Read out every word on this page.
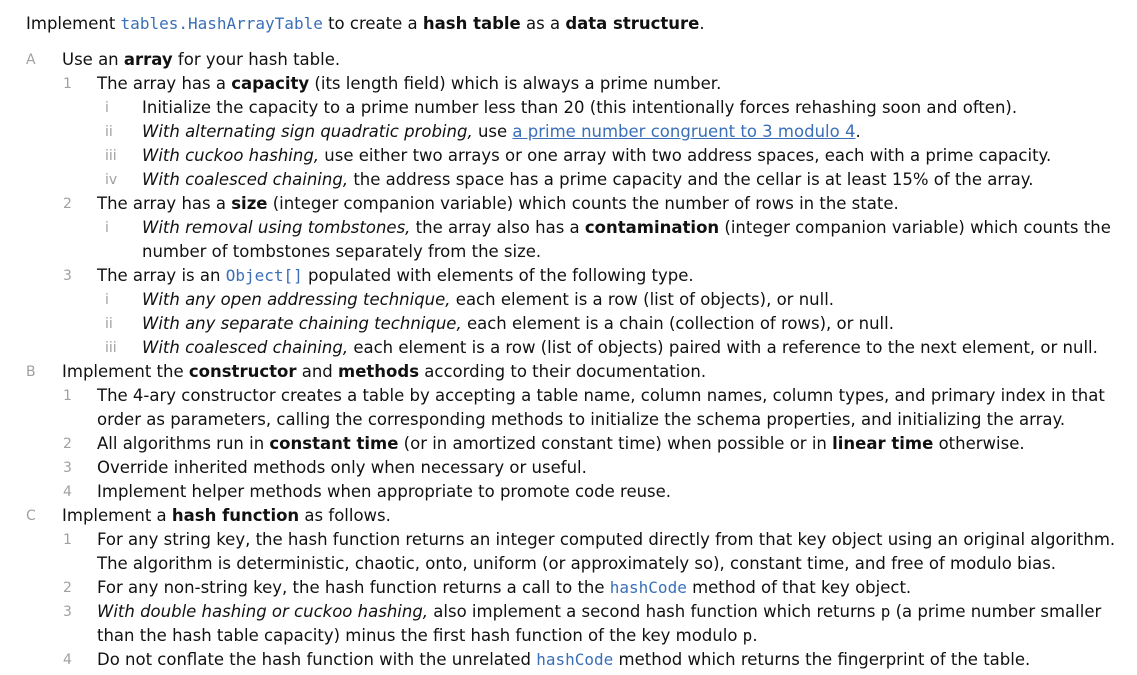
Implement tables.HashArrayTable to create a hash table as a data structure.
A Use an array for your hash table.
1 The array has a capacity (its length field) which is always a prime number.
i Initialize the capacity to a prime number less than 20 (this intentionally forces rehashing soon and often).
ii With alternating sign quadratic probing, use a prime number congruent to 3 modulo 4.
iii With cuckoo hashing, use either two arrays or one array with two address spaces, each with a prime capacity.
iv With coalesced chaining, the address space has a prime capacity and the cellar is at least 15% of the array.
2 The array has a size (integer companion variable) which counts the number of rows in the state.
i With removal using tombstones, the array also has a contamination (integer companion variable) which counts the
number of tombstones separately from the size.
3 The array is an Object[] populated with elements of the following type.
i With any open addressing technique, each element is a row (list of objects), or null.
ii With any separate chaining technique, each element is a chain (collection of rows), or null.
iii With coalesced chaining, each element is a row (list of objects) paired with a reference to the next element, or null.
B Implement the constructor and methods according to their documentation.
1 The 4-ary constructor creates a table by accepting a table name, column names, column types, and primary index in that
order as parameters, calling the corresponding methods to initialize the schema properties, and initializing the array.
2 All algorithms run in constant time (or in amortized constant time) when possible or in linear time otherwise.
3 Override inherited methods only when necessary or useful.
4 Implement helper methods when appropriate to promote code reuse.
C Implement a hash function as follows.
1 For any string key, the hash function returns an integer computed directly from that key object using an original algorithm.
The algorithm is deterministic, chaotic, onto, uniform (or approximately so), constant time, and free of modulo bias.
2 For any non-string key, the hash function returns a call to the hashCode method of that key object.
3 With double hashing or cuckoo hashing, also implement a second hash function which returns p (a prime number smaller
than the hash table capacity) minus the first hash function of the key modulo p.
4 Do not conflate the hash function with the unrelated hashCode method which returns the fingerprint of the table.
